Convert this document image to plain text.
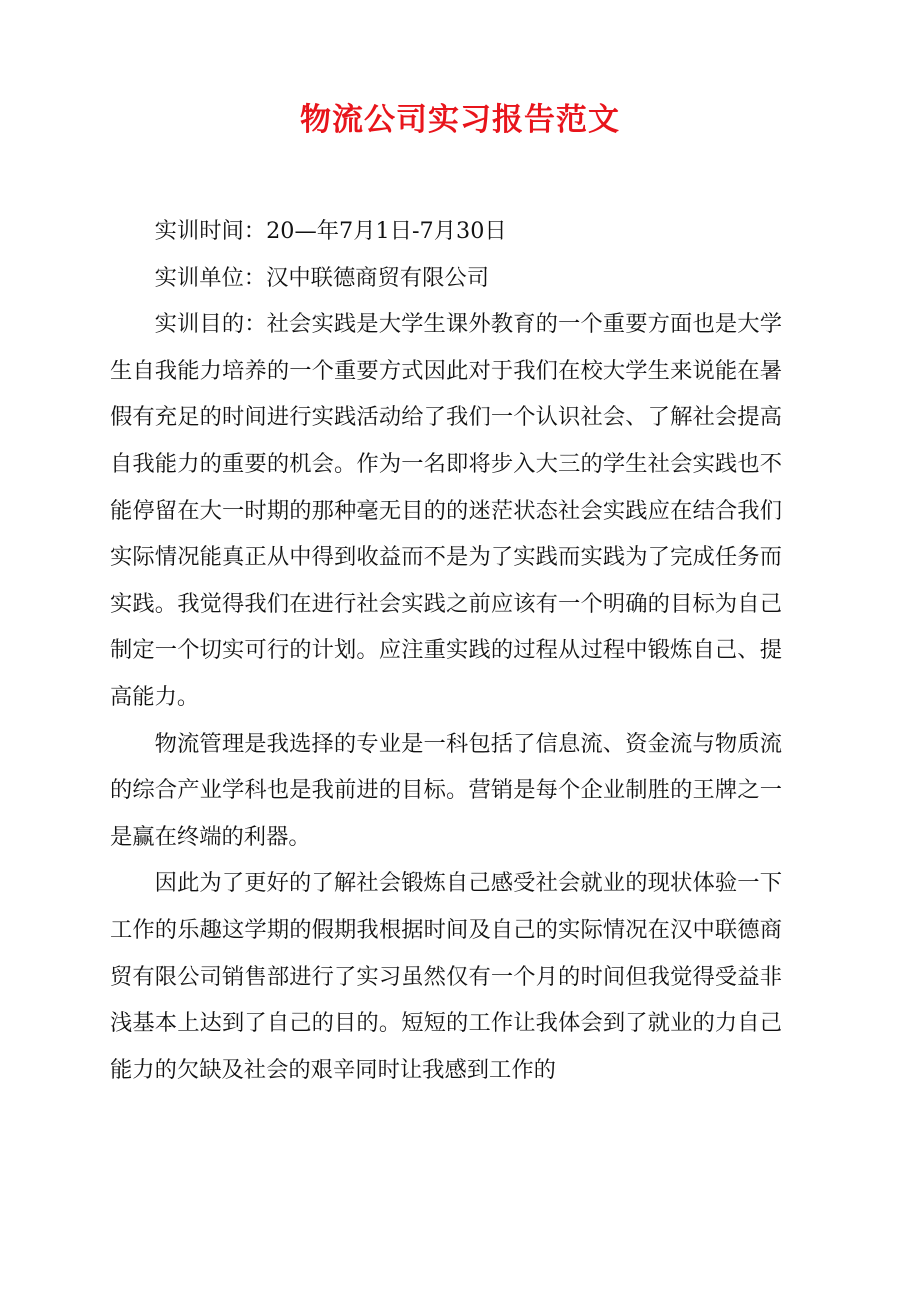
物流公司实习报告范文

实训时间：20—年7月1日-7月30日

实训单位：汉中联德商贸有限公司

实训目的：社会实践是大学生课外教育的一个重要方面也是大学生自我能力培养的一个重要方式因此对于我们在校大学生来说能在暑假有充足的时间进行实践活动给了我们一个认识社会、了解社会提高自我能力的重要的机会。作为一名即将步入大三的学生社会实践也不能停留在大一时期的那种毫无目的的迷茫状态社会实践应在结合我们实际情况能真正从中得到收益而不是为了实践而实践为了完成任务而实践。我觉得我们在进行社会实践之前应该有一个明确的目标为自己制定一个切实可行的计划。应注重实践的过程从过程中锻炼自己、提高能力。

物流管理是我选择的专业是一科包括了信息流、资金流与物质流的综合产业学科也是我前进的目标。营销是每个企业制胜的王牌之一是赢在终端的利器。

因此为了更好的了解社会锻炼自己感受社会就业的现状体验一下工作的乐趣这学期的假期我根据时间及自己的实际情况在汉中联德商贸有限公司销售部进行了实习虽然仅有一个月的时间但我觉得受益非浅基本上达到了自己的目的。短短的工作让我体会到了就业的力自己能力的欠缺及社会的艰辛同时让我感到工作的
